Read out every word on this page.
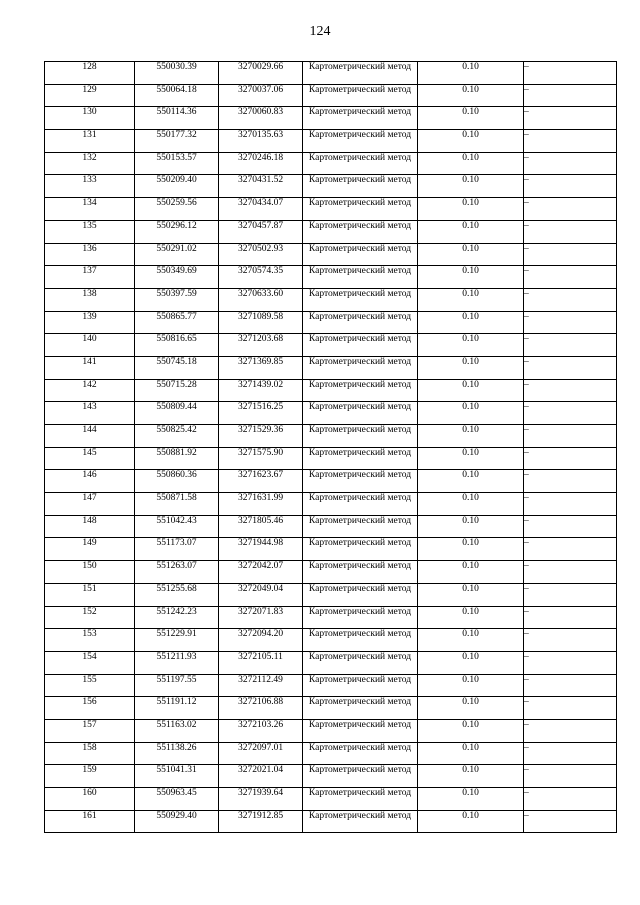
124
128	550030.39	3270029.66	Картометрический метод	0.10	–
129	550064.18	3270037.06	Картометрический метод	0.10	–
130	550114.36	3270060.83	Картометрический метод	0.10	–
131	550177.32	3270135.63	Картометрический метод	0.10	–
132	550153.57	3270246.18	Картометрический метод	0.10	–
133	550209.40	3270431.52	Картометрический метод	0.10	–
134	550259.56	3270434.07	Картометрический метод	0.10	–
135	550296.12	3270457.87	Картометрический метод	0.10	–
136	550291.02	3270502.93	Картометрический метод	0.10	–
137	550349.69	3270574.35	Картометрический метод	0.10	–
138	550397.59	3270633.60	Картометрический метод	0.10	–
139	550865.77	3271089.58	Картометрический метод	0.10	–
140	550816.65	3271203.68	Картометрический метод	0.10	–
141	550745.18	3271369.85	Картометрический метод	0.10	–
142	550715.28	3271439.02	Картометрический метод	0.10	–
143	550809.44	3271516.25	Картометрический метод	0.10	–
144	550825.42	3271529.36	Картометрический метод	0.10	–
145	550881.92	3271575.90	Картометрический метод	0.10	–
146	550860.36	3271623.67	Картометрический метод	0.10	–
147	550871.58	3271631.99	Картометрический метод	0.10	–
148	551042.43	3271805.46	Картометрический метод	0.10	–
149	551173.07	3271944.98	Картометрический метод	0.10	–
150	551263.07	3272042.07	Картометрический метод	0.10	–
151	551255.68	3272049.04	Картометрический метод	0.10	–
152	551242.23	3272071.83	Картометрический метод	0.10	–
153	551229.91	3272094.20	Картометрический метод	0.10	–
154	551211.93	3272105.11	Картометрический метод	0.10	–
155	551197.55	3272112.49	Картометрический метод	0.10	–
156	551191.12	3272106.88	Картометрический метод	0.10	–
157	551163.02	3272103.26	Картометрический метод	0.10	–
158	551138.26	3272097.01	Картометрический метод	0.10	–
159	551041.31	3272021.04	Картометрический метод	0.10	–
160	550963.45	3271939.64	Картометрический метод	0.10	–
161	550929.40	3271912.85	Картометрический метод	0.10	–
